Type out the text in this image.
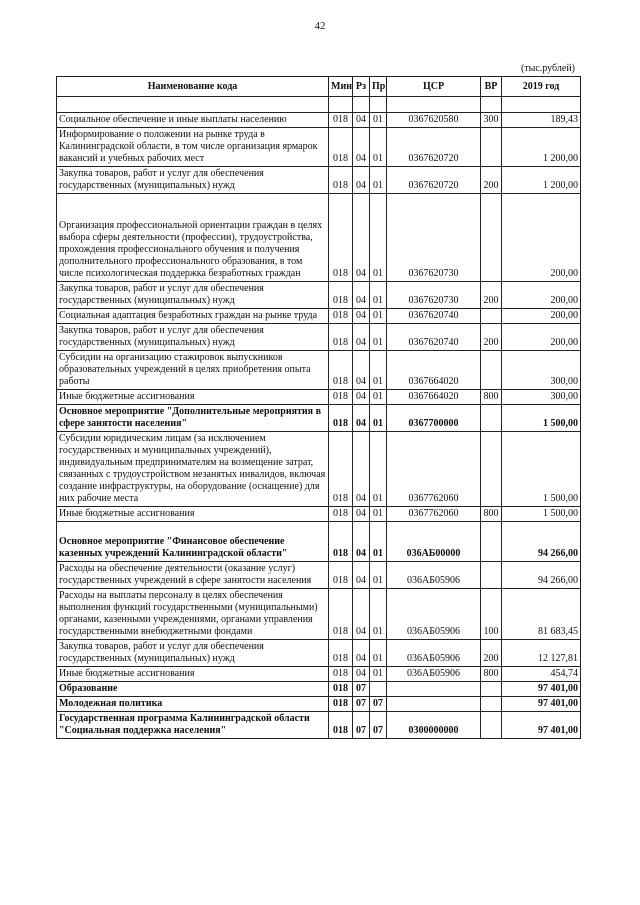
42
(тыс.рублей)
Наименование кода	Мин	Рз	Пр	ЦСР	ВР	2019 год

Социальное обеспечение и иные выплаты населению	018	04	01	0367620580	300	189,43
Информирование о положении на рынке труда в Калининградской области, в том числе организация ярмарок вакансий и учебных рабочих мест	018	04	01	0367620720		1 200,00
Закупка товаров, работ и услуг для обеспечения государственных (муниципальных) нужд	018	04	01	0367620720	200	1 200,00
Организация профессиональной ориентации граждан в целях выбора сферы деятельности (профессии), трудоустройства, прохождения профессионального обучения и получения дополнительного профессионального образования, в том числе психологическая поддержка безработных граждан	018	04	01	0367620730		200,00
Закупка товаров, работ и услуг для обеспечения государственных (муниципальных) нужд	018	04	01	0367620730	200	200,00
Социальная адаптация безработных граждан на рынке труда	018	04	01	0367620740		200,00
Закупка товаров, работ и услуг для обеспечения государственных (муниципальных) нужд	018	04	01	0367620740	200	200,00
Субсидии на организацию стажировок выпускников образовательных учреждений в целях приобретения опыта работы	018	04	01	0367664020		300,00
Иные бюджетные ассигнования	018	04	01	0367664020	800	300,00
Основное мероприятие "Дополнительные мероприятия в сфере занятости населения"	018	04	01	0367700000		1 500,00
Субсидии юридическим лицам (за исключением государственных и муниципальных учреждений), индивидуальным предпринимателям на возмещение затрат, связанных с трудоустройством незанятых инвалидов, включая создание инфраструктуры, на оборудование (оснащение) для них рабочие места	018	04	01	0367762060		1 500,00
Иные бюджетные ассигнования	018	04	01	0367762060	800	1 500,00
Основное мероприятие "Финансовое обеспечение казенных учреждений Калининградской области"	018	04	01	036АБ00000		94 266,00
Расходы на обеспечение деятельности (оказание услуг) государственных учреждений в сфере занятости населения	018	04	01	036АБ05906		94 266,00
Расходы на выплаты персоналу в целях обеспечения выполнения функций государственными (муниципальными) органами, казенными учреждениями, органами управления государственными внебюджетными фондами	018	04	01	036АБ05906	100	81 683,45
Закупка товаров, работ и услуг для обеспечения государственных (муниципальных) нужд	018	04	01	036АБ05906	200	12 127,81
Иные бюджетные ассигнования	018	04	01	036АБ05906	800	454,74
Образование	018	07				97 401,00
Молодежная политика	018	07	07			97 401,00
Государственная программа Калининградской области "Социальная поддержка населения"	018	07	07	0300000000		97 401,00
